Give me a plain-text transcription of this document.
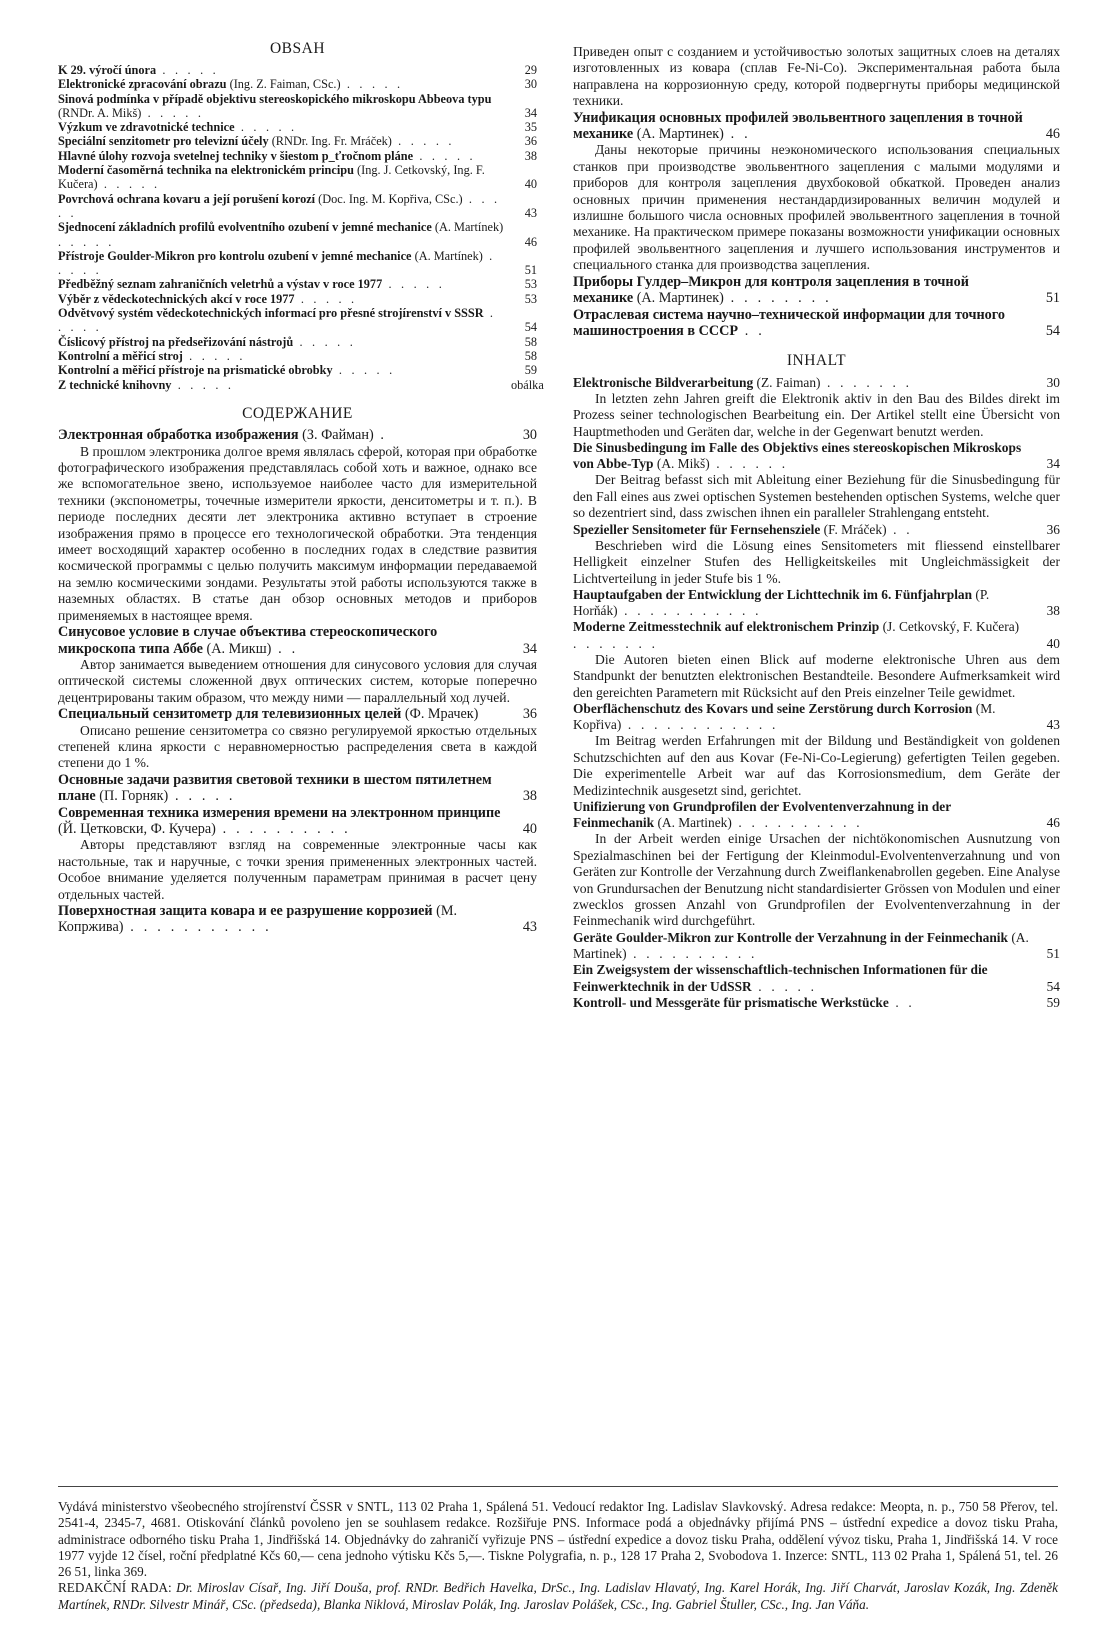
OBSAH
K 29. výročí února . . . . .	29
Elektronické zpracování obrazu (Ing. Z. Faiman, CSc.) . . . . .	30
Sinová podmínka v případě objektivu stereoskopického mikroskopu Abbeova typu (RNDr. A. Mikš) . . . . .	34
Výzkum ve zdravotnické technice . . . . .	35
Speciální senzitometr pro televizní účely (RNDr. Ing. Fr. Mráček) . . . . .	36
Hlavné úlohy rozvoja svetelnej techniky v šiestom p_ťročnom pláne . . . . .	38
Moderní časoměrná technika na elektronickém principu (Ing. J. Cetkovský, Ing. F. Kučera) . . . . .	40
Povrchová ochrana kovaru a její porušení korozí (Doc. Ing. M. Kopřiva, CSc.) . . . . .	43
Sjednocení základních profilů evolventního ozubení v jemné mechanice (A. Martínek) . . . . .	46
Přístroje Goulder-Mikron pro kontrolu ozubení v jemné mechanice (A. Martínek) . . . . .	51
Předběžný seznam zahraničních veletrhů a výstav v roce 1977 . . . . .	53
Výběr z vědeckotechnických akcí v roce 1977 . . . . .	53
Odvětvový systém vědeckotechnických informací pro přesné strojírenství v SSSR . . . . .	54
Číslicový přístroj na předseřizování nástrojů . . . . .	58
Kontrolní a měřicí stroj . . . . .	58
Kontrolní a měřicí přístroje na prismatické obrobky . . . . .	59
Z technické knihovny . . . . .	obálka
СОДЕРЖАНИЕ
Электронная обработка изображения (З. Файман) .	30

В прошлом электроника долгое время являлась сферой, которая при обработке фотографического изображения представлялась собой хоть и важное, однако все же вспомогательное звено, используемое наиболее часто для измерительной техники (экспонометры, точечные измерители яркости, денситометры и т. п.). В периоде последних десяти лет электроника активно вступает в строение изображения прямо в процессе его технологической обработки. Эта тенденция имеет восходящий характер особенно в последних годах в следствие развития космической программы с целью получить максимум информации передаваемой на землю космическими зондами. Результаты этой работы используются также в наземных областях. В статье дан обзор основных методов и приборов применяемых в настоящее время.

Синусовое условие в случае объектива стереоскопического микроскопа типа Аббе (А. Микш) . .	34

Автор занимается выведением отношения для синусового условия для случая оптической системы сложенной двух оптических систем, которые поперечно децентрированы таким образом, что между ними — параллельный ход лучей.

Специальный сензитометр для телевизионных целей (Ф. Мрачек)	36

Описано решение сензитометра со связно регулируемой яркостью отдельных степеней клина яркости с неравномерностью распределения света в каждой степени до 1 %.

Основные задачи развития световой техники в шестом пятилетнем плане (П. Горняк) . . . . .	38
Современная техника измерения времени на электронном принципе (Й. Цетковски, Ф. Кучера) . . . . . . . . . .	40

Авторы представляют взгляд на современные электронные часы как настольные, так и наручные, с точки зрения примененных электронных частей. Особое внимание уделяется полученным параметрам принимая в расчет цену отдельных частей.

Поверхностная защита ковара и ее разрушение коррозией (М. Копржива) . . . . . . . . . . .	43

Приведен опыт с созданием и устойчивостью золотых защитных слоев на деталях изготовленных из ковара (сплав Fe-Ni-Co). Экспериментальная работа была направлена на коррозионную среду, которой подвергнуты приборы медицинской техники.

Унификация основных профилей эвольвентного зацепления в точной механике (А. Мартинек) . .	46

Даны некоторые причины неэкономического использования специальных станков при производстве эвольвентного зацепления с малыми модулями и приборов для контроля зацепления двухбоковой обкаткой. Проведен анализ основных причин применения нестандардизированных величин модулей и излишне большого числа основных профилей эвольвентного зацепления в точной механике. На практическом примере показаны возможности унификации основных профилей эвольвентного зацепления и лучшего использования инструментов и специального станка для производства зацепления.

Приборы Гулдер–Микрон для контроля зацепления в точной механике (А. Мартинек) . . . . . . . .	51
Отраслевая система научно–технической информации для точного машиностроения в СССР . .	54
INHALT
Elektronische Bildverarbeitung (Z. Faiman) . . . . . . .	30

In letzten zehn Jahren greift die Elektronik aktiv in den Bau des Bildes direkt im Prozess seiner technologischen Bearbeitung ein. Der Artikel stellt eine Übersicht von Hauptmethoden und Geräten dar, welche in der Gegenwart benutzt werden.

Die Sinusbedingung im Falle des Objektivs eines stereoskopischen Mikroskops von Abbe-Typ (A. Mikš) . . . . . .	34

Der Beitrag befasst sich mit Ableitung einer Beziehung für die Sinusbedingung für den Fall eines aus zwei optischen Systemen bestehenden optischen Systems, welche quer so dezentriert sind, dass zwischen ihnen ein paralleler Strahlengang entsteht.

Spezieller Sensitometer für Fernsehensziele (F. Mráček) . .	36

Beschrieben wird die Lösung eines Sensitometers mit fliessend einstellbarer Helligkeit einzelner Stufen des Helligkeitskeiles mit Ungleichmässigkeit der Lichtverteilung in jeder Stufe bis 1 %.

Hauptaufgaben der Entwicklung der Lichttechnik im 6. Fünfjahrplan (P. Horňák) . . . . . . . . . . .	38
Moderne Zeitmesstechnik auf elektronischem Prinzip (J. Cetkovský, F. Kučera) . . . . . . .	40

Die Autoren bieten einen Blick auf moderne elektronische Uhren aus dem Standpunkt der benutzten elektronischen Bestandteile. Besondere Aufmerksamkeit wird den gereichten Parametern mit Rücksicht auf den Preis einzelner Teile gewidmet.

Oberflächenschutz des Kovars und seine Zerstörung durch Korrosion (M. Kopřiva) . . . . . . . . . . . .	43

Im Beitrag werden Erfahrungen mit der Bildung und Beständigkeit von goldenen Schutzschichten auf den aus Kovar (Fe-Ni-Co-Legierung) gefertigten Teilen gegeben. Die experimentelle Arbeit war auf das Korrosionsmedium, dem Geräte der Medizintechnik ausgesetzt sind, gerichtet.

Unifizierung von Grundprofilen der Evolventenverzahnung in der Feinmechanik (A. Martinek) . . . . . . . . . .	46

In der Arbeit werden einige Ursachen der nichtökonomischen Ausnutzung von Spezialmaschinen bei der Fertigung der Kleinmodul-Evolventenverzahnung und von Geräten zur Kontrolle der Verzahnung durch Zweiflankenabrollen gegeben. Eine Analyse von Grundursachen der Benutzung nicht standardisierter Grössen von Modulen und einer zwecklos grossen Anzahl von Grundprofilen der Evolventenverzahnung in der Feinmechanik wird durchgeführt.

Geräte Goulder-Mikron zur Kontrolle der Verzahnung in der Feinmechanik (A. Martinek) . . . . . . . . . .	51
Ein Zweigsystem der wissenschaftlich-technischen Informationen für die Feinwerktechnik in der UdSSR . . . . .	54
Kontroll- und Messgeräte für prismatische Werkstücke . .	59
Vydává ministerstvo všeobecného strojírenství ČSSR v SNTL, 113 02 Praha 1, Spálená 51. Vedoucí redaktor Ing. Ladislav Slavkovský. Adresa redakce: Meopta, n. p., 750 58 Přerov, tel. 2541-4, 2345-7, 4681. Otiskování článků povoleno jen se souhlasem redakce. Rozšiřuje PNS. Informace podá a objednávky přijímá PNS – ústřední expedice a dovoz tisku Praha, administrace odborného tisku Praha 1, Jindřišská 14. Objednávky do zahraničí vyřizuje PNS – ústřední expedice a dovoz tisku Praha, oddělení vývoz tisku, Praha 1, Jindřišská 14. V roce 1977 vyjde 12 čísel, roční předplatné Kčs 60,— cena jednoho výtisku Kčs 5,—. Tiskne Polygrafia, n. p., 128 17 Praha 2, Svobodova 1. Inzerce: SNTL, 113 02 Praha 1, Spálená 51, tel. 26 26 51, linka 369.
REDAKČNÍ RADA: Dr. Miroslav Císař, Ing. Jiří Douša, prof. RNDr. Bedřich Havelka, DrSc., Ing. Ladislav Hlavatý, Ing. Karel Horák, Ing. Jiří Charvát, Jaroslav Kozák, Ing. Zdeněk Martínek, RNDr. Silvestr Minář, CSc. (předseda), Blanka Niklová, Miroslav Polák, Ing. Jaroslav Polášek, CSc., Ing. Gabriel Štuller, CSc., Ing. Jan Váňa.
